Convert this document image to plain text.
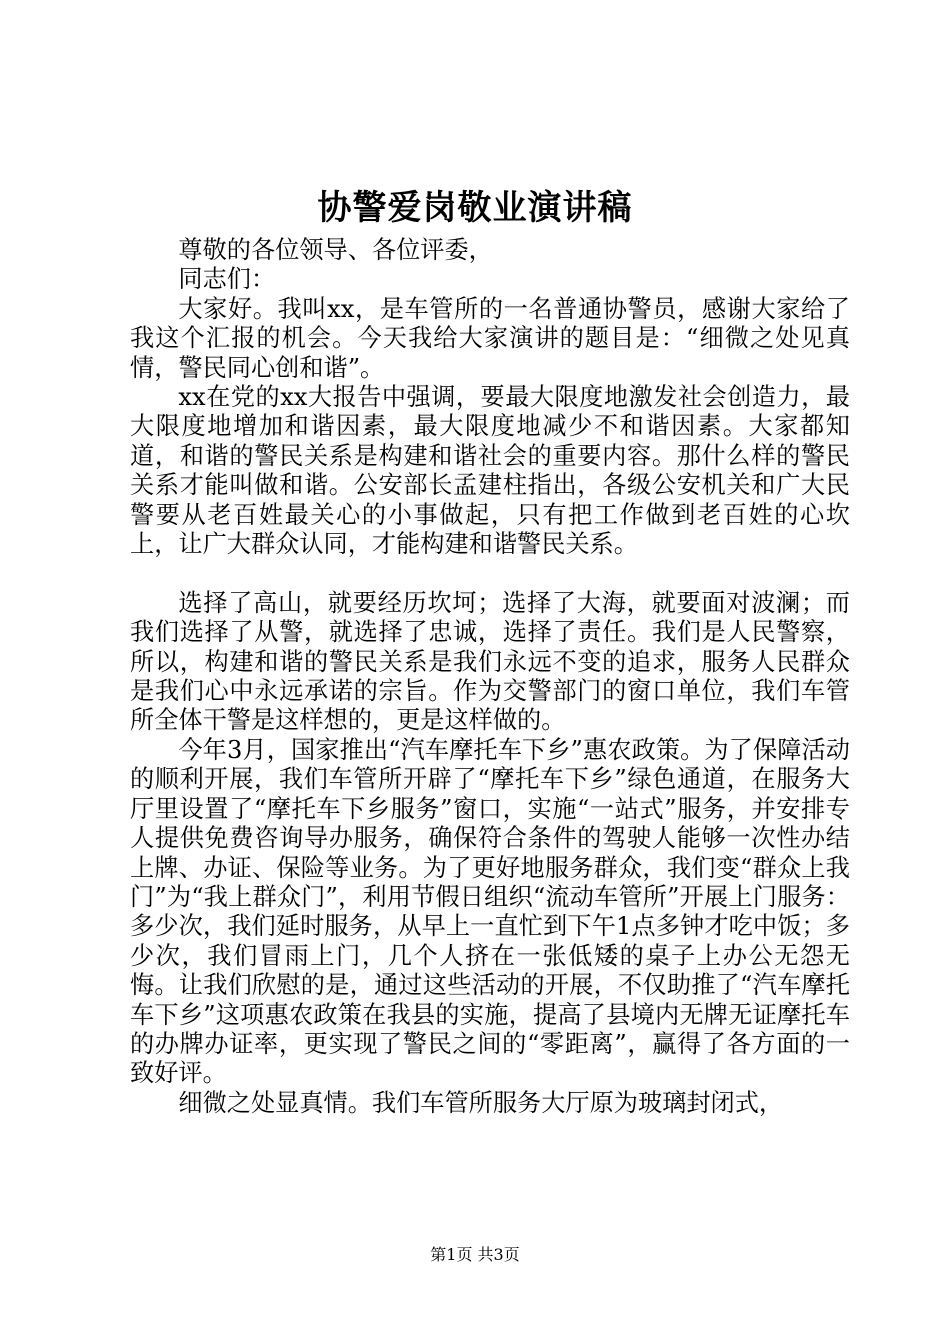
协警爱岗敬业演讲稿

尊敬的各位领导、各位评委，

同志们：

大家好。我叫xx，是车管所的一名普通协警员，感谢大家给了我这个汇报的机会。今天我给大家演讲的题目是：“细微之处见真情，警民同心创和谐”。

xx在党的xx大报告中强调，要最大限度地激发社会创造力，最大限度地增加和谐因素，最大限度地减少不和谐因素。大家都知道，和谐的警民关系是构建和谐社会的重要内容。那什么样的警民关系才能叫做和谐。公安部长孟建柱指出，各级公安机关和广大民警要从老百姓最关心的小事做起，只有把工作做到老百姓的心坎上，让广大群众认同，才能构建和谐警民关系。

选择了高山，就要经历坎坷；选择了大海，就要面对波澜；而我们选择了从警，就选择了忠诚，选择了责任。我们是人民警察，所以，构建和谐的警民关系是我们永远不变的追求，服务人民群众是我们心中永远承诺的宗旨。作为交警部门的窗口单位，我们车管所全体干警是这样想的，更是这样做的。

今年3月，国家推出“汽车摩托车下乡”惠农政策。为了保障活动的顺利开展，我们车管所开辟了“摩托车下乡”绿色通道，在服务大厅里设置了“摩托车下乡服务”窗口，实施“一站式”服务，并安排专人提供免费咨询导办服务，确保符合条件的驾驶人能够一次性办结上牌、办证、保险等业务。为了更好地服务群众，我们变“群众上我门”为“我上群众门”，利用节假日组织“流动车管所”开展上门服务：多少次，我们延时服务，从早上一直忙到下午1点多钟才吃中饭；多少次，我们冒雨上门，几个人挤在一张低矮的桌子上办公无怨无悔。让我们欣慰的是，通过这些活动的开展，不仅助推了“汽车摩托车下乡”这项惠农政策在我县的实施，提高了县境内无牌无证摩托车的办牌办证率，更实现了警民之间的“零距离”，赢得了各方面的一致好评。

细微之处显真情。我们车管所服务大厅原为玻璃封闭式，

第1页 共3页
